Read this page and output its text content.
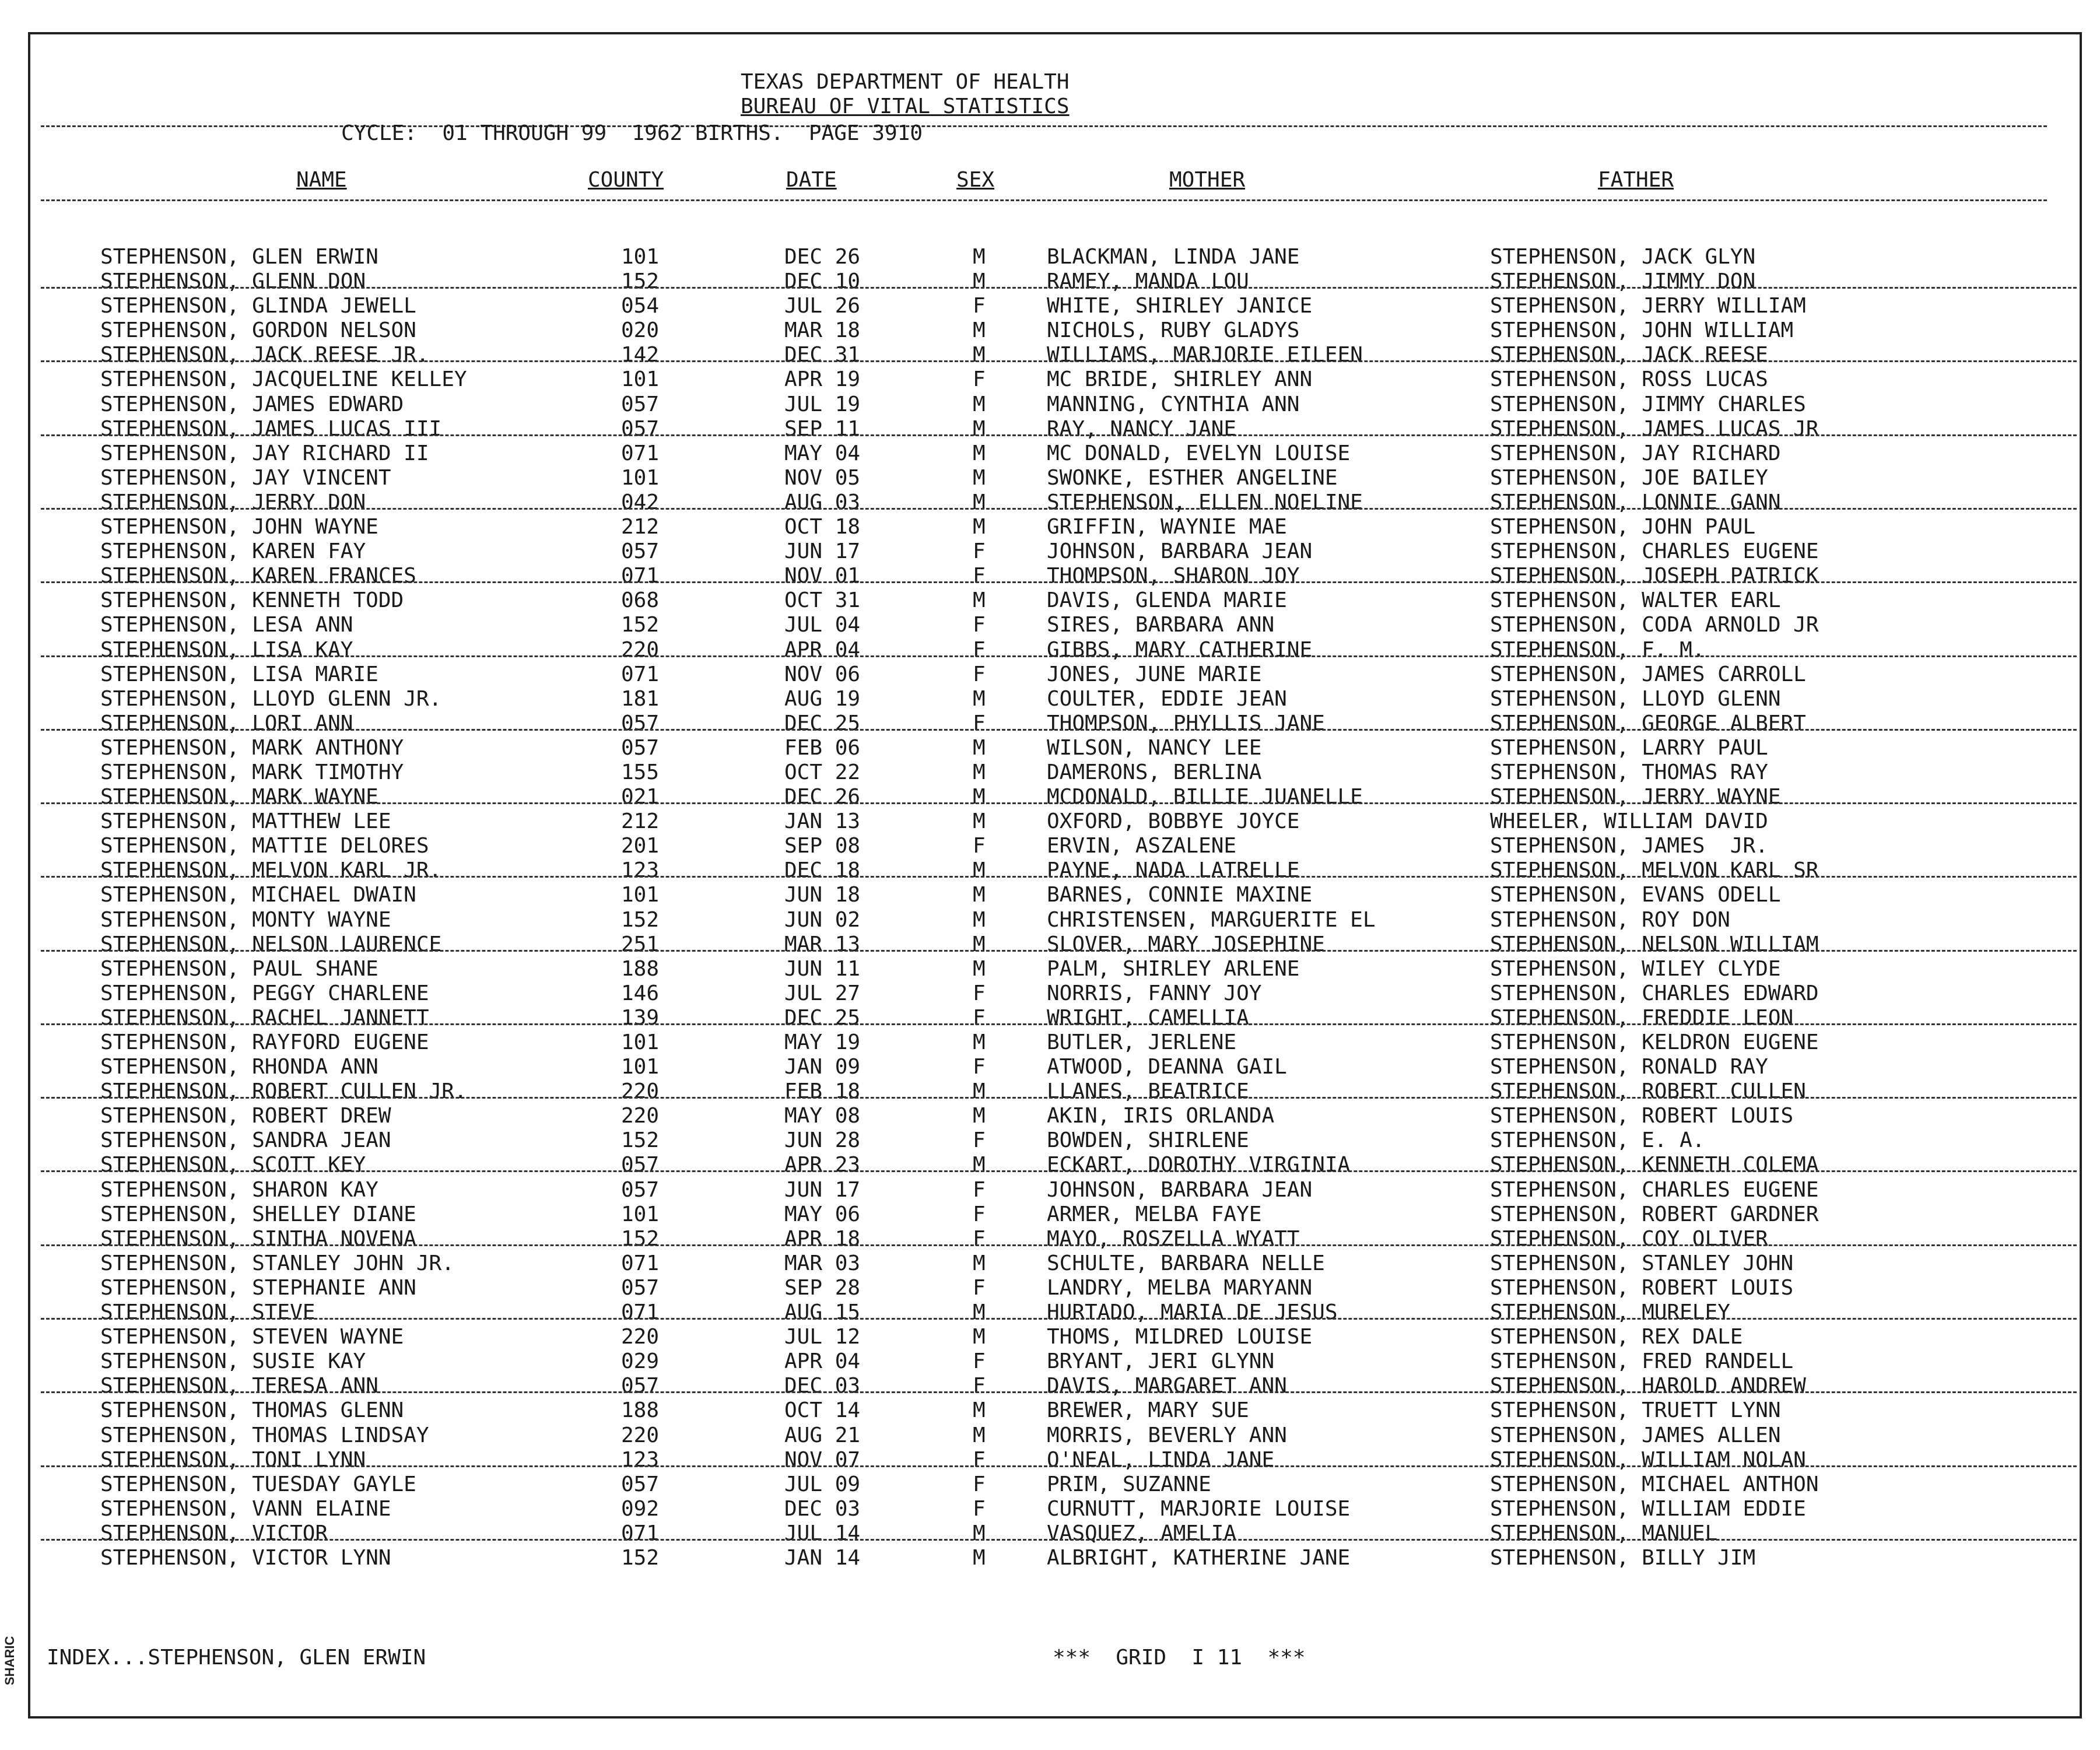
SHARIC
TEXAS DEPARTMENT OF HEALTH
BUREAU OF VITAL STATISTICS
CYCLE:  01 THROUGH 99  1962 BIRTHS.  PAGE 3910
NAME	COUNTY	DATE	SEX	MOTHER	FATHER
STEPHENSON, GLEN ERWIN	101	DEC 26	M	BLACKMAN, LINDA JANE	STEPHENSON, JACK GLYN
STEPHENSON, GLENN DON	152	DEC 10	M	RAMEY, MANDA LOU	STEPHENSON, JIMMY DON
STEPHENSON, GLINDA JEWELL	054	JUL 26	F	WHITE, SHIRLEY JANICE	STEPHENSON, JERRY WILLIAM
STEPHENSON, GORDON NELSON	020	MAR 18	M	NICHOLS, RUBY GLADYS	STEPHENSON, JOHN WILLIAM
STEPHENSON, JACK REESE JR.	142	DEC 31	M	WILLIAMS, MARJORIE EILEEN	STEPHENSON, JACK REESE
STEPHENSON, JACQUELINE KELLEY	101	APR 19	F	MC BRIDE, SHIRLEY ANN	STEPHENSON, ROSS LUCAS
STEPHENSON, JAMES EDWARD	057	JUL 19	M	MANNING, CYNTHIA ANN	STEPHENSON, JIMMY CHARLES
STEPHENSON, JAMES LUCAS III	057	SEP 11	M	RAY, NANCY JANE	STEPHENSON, JAMES LUCAS JR
STEPHENSON, JAY RICHARD II	071	MAY 04	M	MC DONALD, EVELYN LOUISE	STEPHENSON, JAY RICHARD
STEPHENSON, JAY VINCENT	101	NOV 05	M	SWONKE, ESTHER ANGELINE	STEPHENSON, JOE BAILEY
STEPHENSON, JERRY DON	042	AUG 03	M	STEPHENSON, ELLEN NOELINE	STEPHENSON, LONNIE GANN
STEPHENSON, JOHN WAYNE	212	OCT 18	M	GRIFFIN, WAYNIE MAE	STEPHENSON, JOHN PAUL
STEPHENSON, KAREN FAY	057	JUN 17	F	JOHNSON, BARBARA JEAN	STEPHENSON, CHARLES EUGENE
STEPHENSON, KAREN FRANCES	071	NOV 01	F	THOMPSON, SHARON JOY	STEPHENSON, JOSEPH PATRICK
STEPHENSON, KENNETH TODD	068	OCT 31	M	DAVIS, GLENDA MARIE	STEPHENSON, WALTER EARL
STEPHENSON, LESA ANN	152	JUL 04	F	SIRES, BARBARA ANN	STEPHENSON, CODA ARNOLD JR
STEPHENSON, LISA KAY	220	APR 04	F	GIBBS, MARY CATHERINE	STEPHENSON, F. M.
STEPHENSON, LISA MARIE	071	NOV 06	F	JONES, JUNE MARIE	STEPHENSON, JAMES CARROLL
STEPHENSON, LLOYD GLENN JR.	181	AUG 19	M	COULTER, EDDIE JEAN	STEPHENSON, LLOYD GLENN
STEPHENSON, LORI ANN	057	DEC 25	F	THOMPSON, PHYLLIS JANE	STEPHENSON, GEORGE ALBERT
STEPHENSON, MARK ANTHONY	057	FEB 06	M	WILSON, NANCY LEE	STEPHENSON, LARRY PAUL
STEPHENSON, MARK TIMOTHY	155	OCT 22	M	DAMERONS, BERLINA	STEPHENSON, THOMAS RAY
STEPHENSON, MARK WAYNE	021	DEC 26	M	MCDONALD, BILLIE JUANELLE	STEPHENSON, JERRY WAYNE
STEPHENSON, MATTHEW LEE	212	JAN 13	M	OXFORD, BOBBYE JOYCE	WHEELER, WILLIAM DAVID
STEPHENSON, MATTIE DELORES	201	SEP 08	F	ERVIN, ASZALENE	STEPHENSON, JAMES  JR.
STEPHENSON, MELVON KARL JR.	123	DEC 18	M	PAYNE, NADA LATRELLE	STEPHENSON, MELVON KARL SR
STEPHENSON, MICHAEL DWAIN	101	JUN 18	M	BARNES, CONNIE MAXINE	STEPHENSON, EVANS ODELL
STEPHENSON, MONTY WAYNE	152	JUN 02	M	CHRISTENSEN, MARGUERITE EL	STEPHENSON, ROY DON
STEPHENSON, NELSON LAURENCE	251	MAR 13	M	SLOVER, MARY JOSEPHINE	STEPHENSON, NELSON WILLIAM
STEPHENSON, PAUL SHANE	188	JUN 11	M	PALM, SHIRLEY ARLENE	STEPHENSON, WILEY CLYDE
STEPHENSON, PEGGY CHARLENE	146	JUL 27	F	NORRIS, FANNY JOY	STEPHENSON, CHARLES EDWARD
STEPHENSON, RACHEL JANNETT	139	DEC 25	F	WRIGHT, CAMELLIA	STEPHENSON, FREDDIE LEON
STEPHENSON, RAYFORD EUGENE	101	MAY 19	M	BUTLER, JERLENE	STEPHENSON, KELDRON EUGENE
STEPHENSON, RHONDA ANN	101	JAN 09	F	ATWOOD, DEANNA GAIL	STEPHENSON, RONALD RAY
STEPHENSON, ROBERT CULLEN JR.	220	FEB 18	M	LLANES, BEATRICE	STEPHENSON, ROBERT CULLEN
STEPHENSON, ROBERT DREW	220	MAY 08	M	AKIN, IRIS ORLANDA	STEPHENSON, ROBERT LOUIS
STEPHENSON, SANDRA JEAN	152	JUN 28	F	BOWDEN, SHIRLENE	STEPHENSON, E. A.
STEPHENSON, SCOTT KEY	057	APR 23	M	ECKART, DOROTHY VIRGINIA	STEPHENSON, KENNETH COLEMA
STEPHENSON, SHARON KAY	057	JUN 17	F	JOHNSON, BARBARA JEAN	STEPHENSON, CHARLES EUGENE
STEPHENSON, SHELLEY DIANE	101	MAY 06	F	ARMER, MELBA FAYE	STEPHENSON, ROBERT GARDNER
STEPHENSON, SINTHA NOVENA	152	APR 18	F	MAYO, ROSZELLA WYATT	STEPHENSON, COY OLIVER
STEPHENSON, STANLEY JOHN JR.	071	MAR 03	M	SCHULTE, BARBARA NELLE	STEPHENSON, STANLEY JOHN
STEPHENSON, STEPHANIE ANN	057	SEP 28	F	LANDRY, MELBA MARYANN	STEPHENSON, ROBERT LOUIS
STEPHENSON, STEVE	071	AUG 15	M	HURTADO, MARIA DE JESUS	STEPHENSON, MURELEY
STEPHENSON, STEVEN WAYNE	220	JUL 12	M	THOMS, MILDRED LOUISE	STEPHENSON, REX DALE
STEPHENSON, SUSIE KAY	029	APR 04	F	BRYANT, JERI GLYNN	STEPHENSON, FRED RANDELL
STEPHENSON, TERESA ANN	057	DEC 03	F	DAVIS, MARGARET ANN	STEPHENSON, HAROLD ANDREW
STEPHENSON, THOMAS GLENN	188	OCT 14	M	BREWER, MARY SUE	STEPHENSON, TRUETT LYNN
STEPHENSON, THOMAS LINDSAY	220	AUG 21	M	MORRIS, BEVERLY ANN	STEPHENSON, JAMES ALLEN
STEPHENSON, TONI LYNN	123	NOV 07	F	O'NEAL, LINDA JANE	STEPHENSON, WILLIAM NOLAN
STEPHENSON, TUESDAY GAYLE	057	JUL 09	F	PRIM, SUZANNE	STEPHENSON, MICHAEL ANTHON
STEPHENSON, VANN ELAINE	092	DEC 03	F	CURNUTT, MARJORIE LOUISE	STEPHENSON, WILLIAM EDDIE
STEPHENSON, VICTOR	071	JUL 14	M	VASQUEZ, AMELIA	STEPHENSON, MANUEL
STEPHENSON, VICTOR LYNN	152	JAN 14	M	ALBRIGHT, KATHERINE JANE	STEPHENSON, BILLY JIM
INDEX...STEPHENSON, GLEN ERWIN	***  GRID  I 11  ***
